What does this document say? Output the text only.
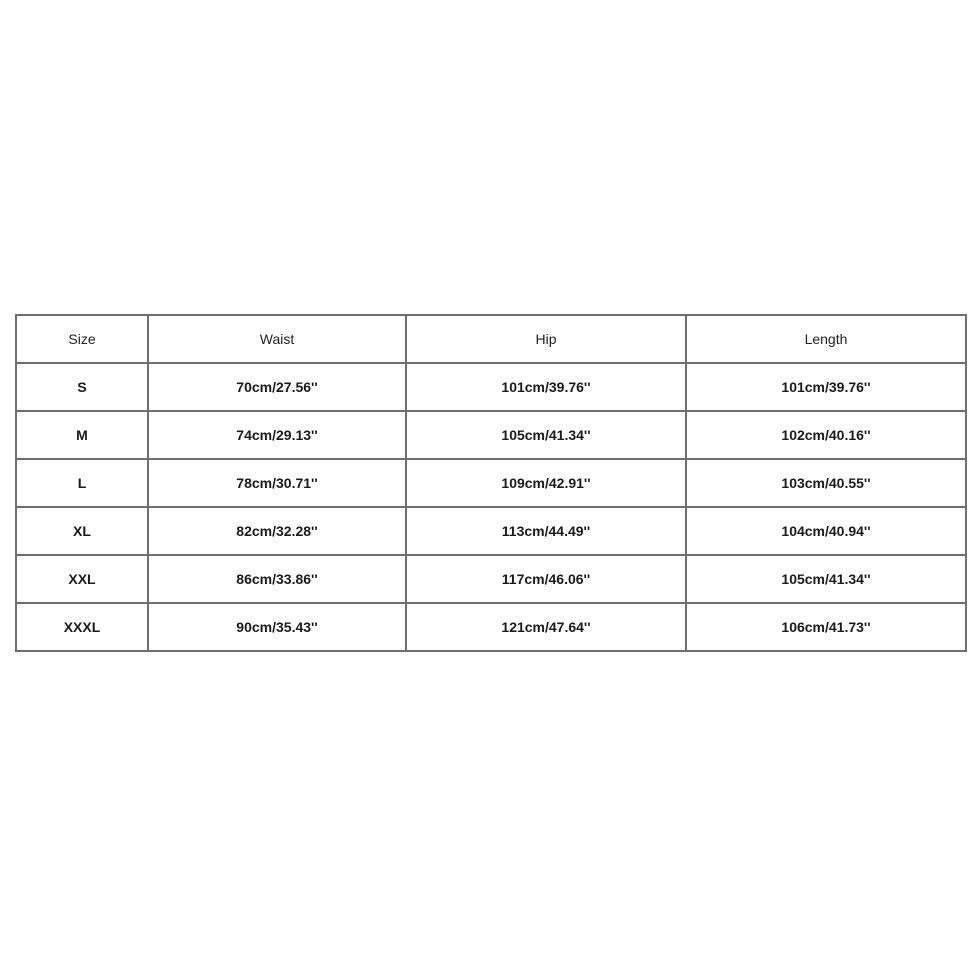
Size	Waist	Hip	Length
S	70cm/27.56''	101cm/39.76''	101cm/39.76''
M	74cm/29.13''	105cm/41.34''	102cm/40.16''
L	78cm/30.71''	109cm/42.91''	103cm/40.55''
XL	82cm/32.28''	113cm/44.49''	104cm/40.94''
XXL	86cm/33.86''	117cm/46.06''	105cm/41.34''
XXXL	90cm/35.43''	121cm/47.64''	106cm/41.73''
